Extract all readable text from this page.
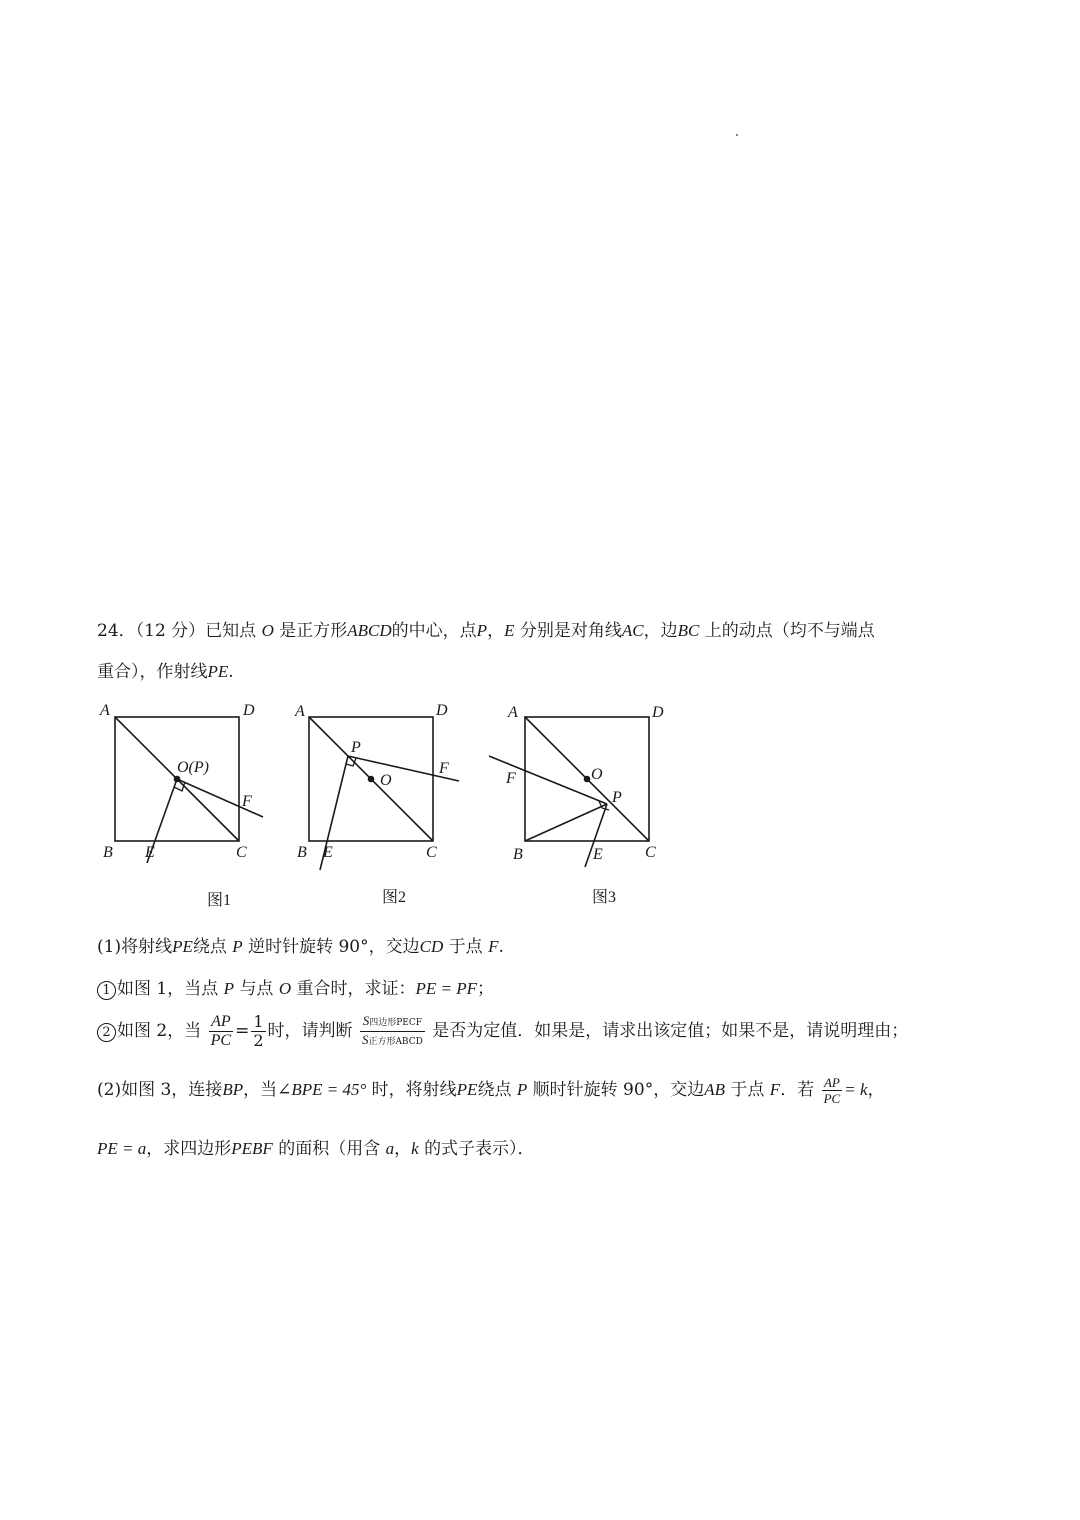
24．（12 分）已知点 O 是正方形ABCD的中心，点P，E 分别是对角线AC，边BC 上的动点（均不与端点
重合），作射线PE.
A	D
B	C
E
F
O(P)
图1
A	D
B	C
E
F
P
O
图2
A	D
B	C
E
F
P
O
图3
(1)将射线PE绕点 P 逆时针旋转 90°，交边CD 于点 F.
1 如图 1，当点 P 与点 O 重合时，求证：PE = PF；
2 如图 2，当 $\frac{AP}{PC} = \frac{1}{2}$ 时，请判断 $\frac{\text{S四边形PECF}}{\text{S正方形ABCD}}$ 是否为定值．如果是，请求出该定值；如果不是，请说明理由；
(2)如图 3，连接BP，当∠BPE = 45° 时，将射线PE绕点 P 顺时针旋转 90°，交边AB 于点 F．若 $\frac{AP}{PC} = k$，
PE = a，求四边形PEBF 的面积（用含 a，k 的式子表示）．
